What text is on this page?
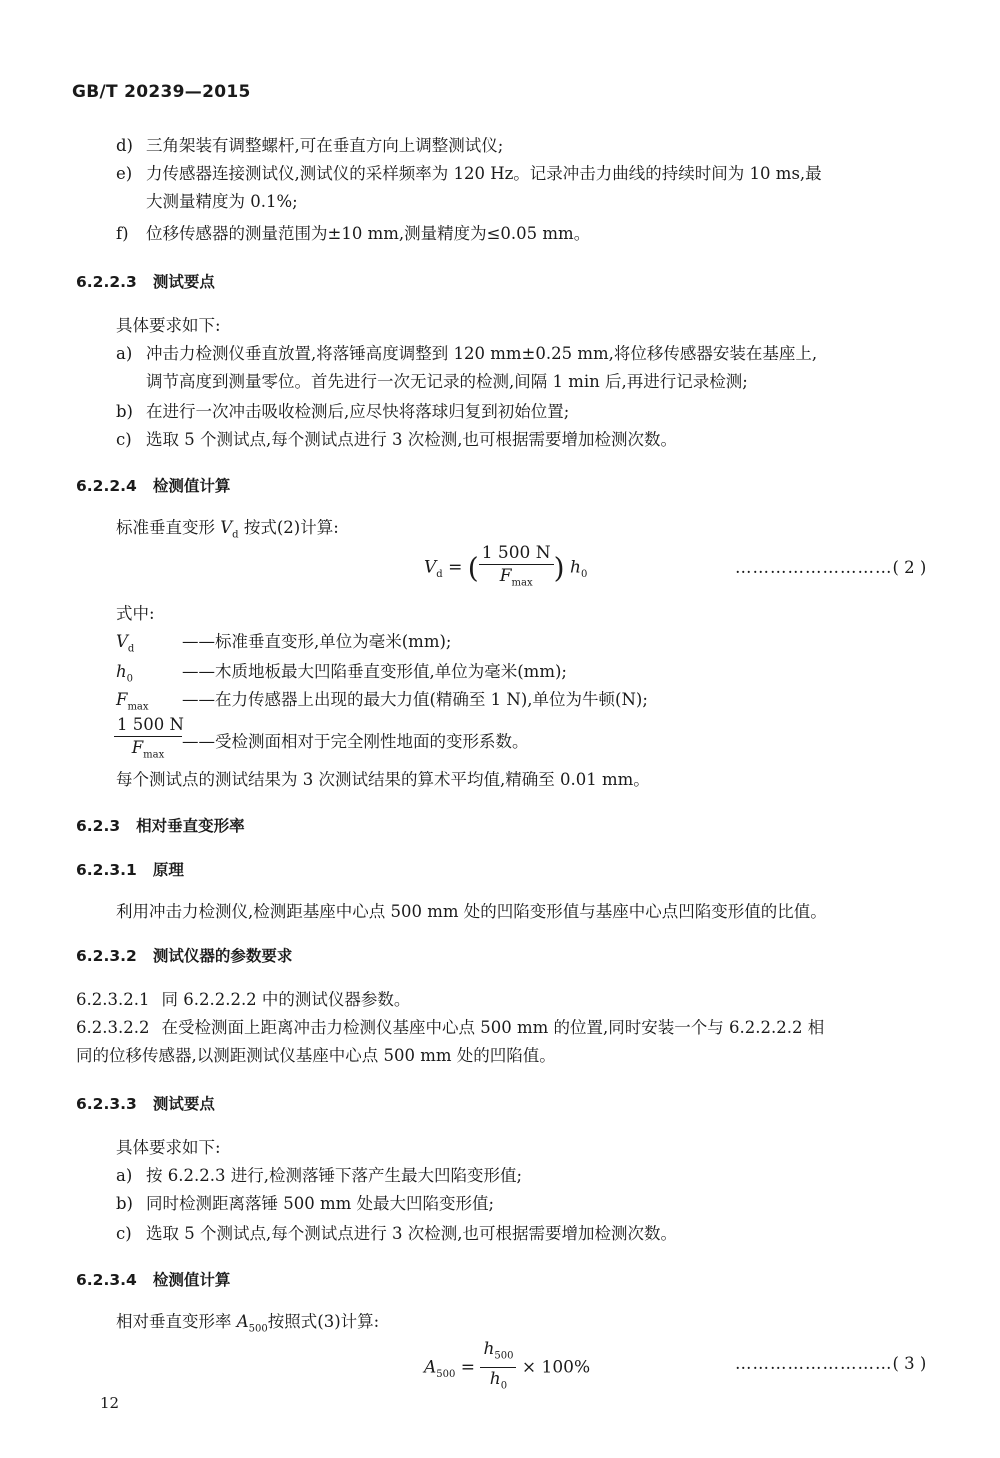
GB/T 20239—2015
d) 三角架装有调整螺杆,可在垂直方向上调整测试仪;
e) 力传感器连接测试仪,测试仪的采样频率为 120 Hz。记录冲击力曲线的持续时间为 10 ms,最
大测量精度为 0.1%;
f) 位移传感器的测量范围为±10 mm,测量精度为≤0.05 mm。
6.2.2.3 测试要点
具体要求如下:
a) 冲击力检测仪垂直放置,将落锤高度调整到 120 mm±0.25 mm,将位移传感器安装在基座上,
调节高度到测量零位。首先进行一次无记录的检测,间隔 1 min 后,再进行记录检测;
b) 在进行一次冲击吸收检测后,应尽快将落球归复到初始位置;
c) 选取 5 个测试点,每个测试点进行 3 次检测,也可根据需要增加检测次数。
6.2.2.4 检测值计算
标准垂直变形 $V_d$ 按式(2)计算:
$V_d$ = ( $\frac{1 500 N}{F_{max}}$ ) $h_0$	………………………( 2 )
式中:
$V_d$	——标准垂直变形,单位为毫米(mm);
$h_0$	——木质地板最大凹陷垂直变形值,单位为毫米(mm);
$F_{max}$ ——在力传感器上出现的最大力值(精确至 1 N),单位为牛顿(N);
$\frac{1 500 N}{F_{max}}$ ——受检测面相对于完全刚性地面的变形系数。
每个测试点的测试结果为 3 次测试结果的算术平均值,精确至 0.01 mm。
6.2.3 相对垂直变形率
6.2.3.1 原理
利用冲击力检测仪,检测距基座中心点 500 mm 处的凹陷变形值与基座中心点凹陷变形值的比值。
6.2.3.2 测试仪器的参数要求
6.2.3.2.1 同 6.2.2.2.2 中的测试仪器参数。
6.2.3.2.2 在受检测面上距离冲击力检测仪基座中心点 500 mm 的位置,同时安装一个与 6.2.2.2.2 相
同的位移传感器,以测距测试仪基座中心点 500 mm 处的凹陷值。
6.2.3.3 测试要点
具体要求如下:
a) 按 6.2.2.3 进行,检测落锤下落产生最大凹陷变形值;
b) 同时检测距离落锤 500 mm 处最大凹陷变形值;
c) 选取 5 个测试点,每个测试点进行 3 次检测,也可根据需要增加检测次数。
6.2.3.4 检测值计算
相对垂直变形率 $A_{500}$按照式(3)计算:
$A_{500} = \frac{h_{500}}{h_0} \times 100\%$	………………………( 3 )
12
